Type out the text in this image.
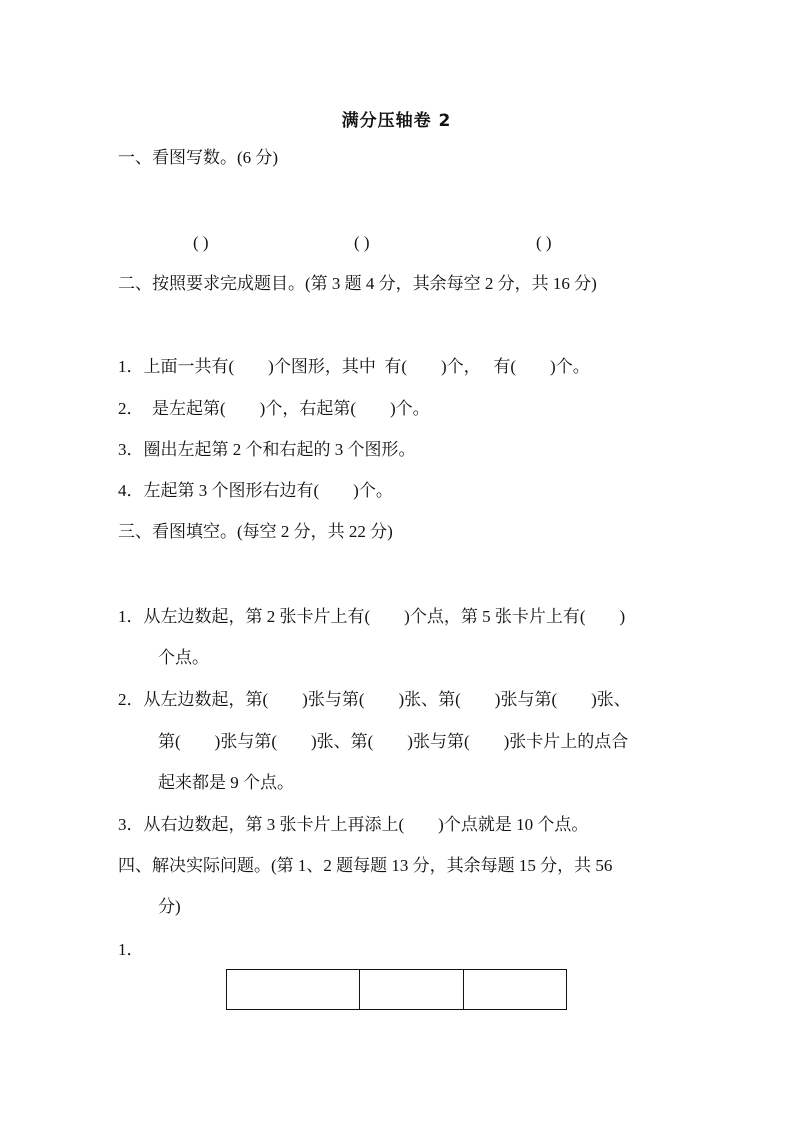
满分压轴卷 2
一、看图写数。(6 分)
( )	( )	( )
二、按照要求完成题目。(第 3 题 4 分，其余每空 2 分，共 16 分)
1．上面一共有(        )个图形，其中  有(        )个，   有(        )个。
2．  是左起第(        )个，右起第(        )个。
3．圈出左起第 2 个和右起的 3 个图形。
4．左起第 3 个图形右边有(        )个。
三、看图填空。(每空 2 分，共 22 分)
1．从左边数起，第 2 张卡片上有(        )个点，第 5 张卡片上有(        )
个点。
2．从左边数起，第(        )张与第(        )张、第(        )张与第(        )张、
第(        )张与第(        )张、第(        )张与第(        )张卡片上的点合
起来都是 9 个点。
3．从右边数起，第 3 张卡片上再添上(        )个点就是 10 个点。
四、解决实际问题。(第 1、2 题每题 13 分，其余每题 15 分，共 56
分)
1．
